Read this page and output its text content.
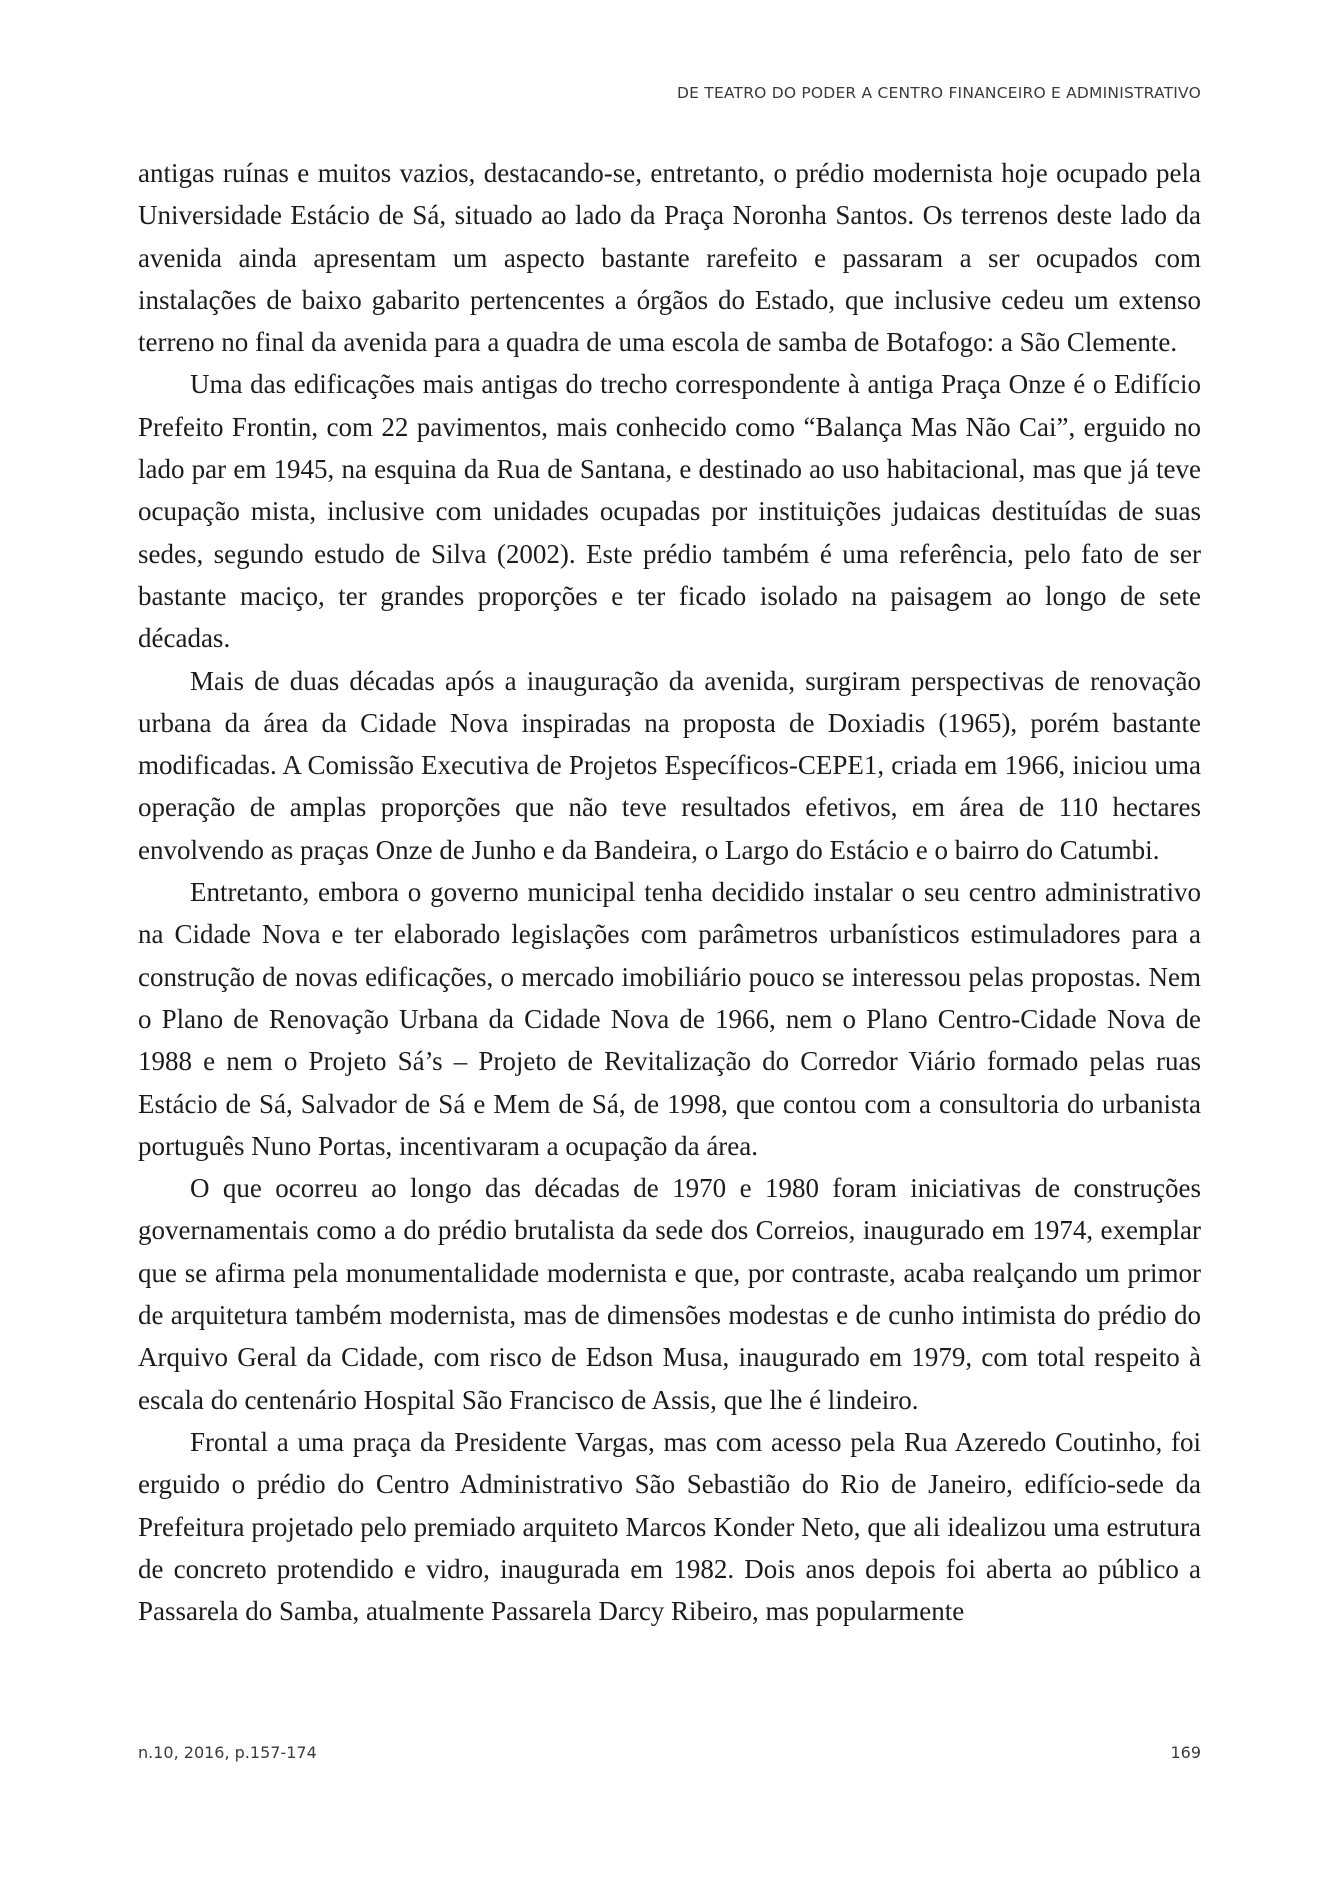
DE TEATRO DO PODER A CENTRO FINANCEIRO E ADMINISTRATIVO

antigas ruínas e muitos vazios, destacando-se, entretanto, o prédio modernista hoje ocupado pela Universidade Estácio de Sá, situado ao lado da Praça Noronha Santos. Os terrenos deste lado da avenida ainda apresentam um aspecto bastante rarefeito e passaram a ser ocupados com instalações de baixo gabarito pertencentes a órgãos do Estado, que inclusive cedeu um extenso terreno no final da avenida para a quadra de uma escola de samba de Botafogo: a São Clemente.

Uma das edificações mais antigas do trecho correspondente à antiga Praça Onze é o Edifício Prefeito Frontin, com 22 pavimentos, mais conhecido como “Balança Mas Não Cai”, erguido no lado par em 1945, na esquina da Rua de Santana, e destinado ao uso habitacional, mas que já teve ocupação mista, inclusive com unidades ocupadas por instituições judaicas destituídas de suas sedes, segundo estudo de Silva (2002). Este prédio também é uma referência, pelo fato de ser bastante maciço, ter grandes proporções e ter ficado isolado na paisagem ao longo de sete décadas.

Mais de duas décadas após a inauguração da avenida, surgiram perspectivas de renovação urbana da área da Cidade Nova inspiradas na proposta de Doxiadis (1965), porém bastante modificadas. A Comissão Executiva de Projetos Específicos-CEPE1, criada em 1966, iniciou uma operação de amplas proporções que não teve resultados efetivos, em área de 110 hectares envolvendo as praças Onze de Junho e da Bandeira, o Largo do Estácio e o bairro do Catumbi.

Entretanto, embora o governo municipal tenha decidido instalar o seu centro administrativo na Cidade Nova e ter elaborado legislações com parâmetros urbanísticos estimuladores para a construção de novas edificações, o mercado imobiliário pouco se interessou pelas propostas. Nem o Plano de Renovação Urbana da Cidade Nova de 1966, nem o Plano Centro-Cidade Nova de 1988 e nem o Projeto Sá’s – Projeto de Revitalização do Corredor Viário formado pelas ruas Estácio de Sá, Salvador de Sá e Mem de Sá, de 1998, que contou com a consultoria do urbanista português Nuno Portas, incentivaram a ocupação da área.

O que ocorreu ao longo das décadas de 1970 e 1980 foram iniciativas de construções governamentais como a do prédio brutalista da sede dos Correios, inaugurado em 1974, exemplar que se afirma pela monumentalidade modernista e que, por contraste, acaba realçando um primor de arquitetura também modernista, mas de dimensões modestas e de cunho intimista do prédio do Arquivo Geral da Cidade, com risco de Edson Musa, inaugurado em 1979, com total respeito à escala do centenário Hospital São Francisco de Assis, que lhe é lindeiro.

Frontal a uma praça da Presidente Vargas, mas com acesso pela Rua Azeredo Coutinho, foi erguido o prédio do Centro Administrativo São Sebastião do Rio de Janeiro, edifício-sede da Prefeitura projetado pelo premiado arquiteto Marcos Konder Neto, que ali idealizou uma estrutura de concreto protendido e vidro, inaugurada em 1982. Dois anos depois foi aberta ao público a Passarela do Samba, atualmente Passarela Darcy Ribeiro, mas popularmente

n.10, 2016, p.157-174	169
